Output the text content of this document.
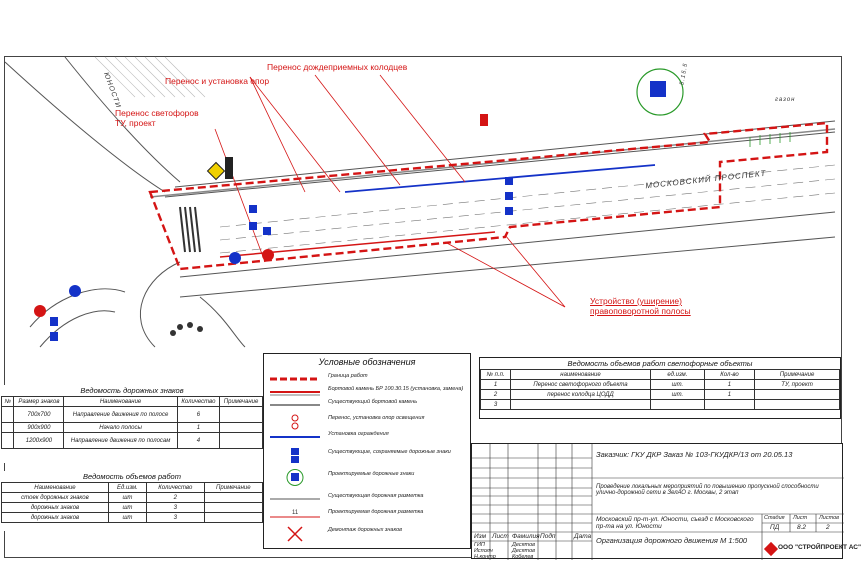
Перенос светофоров
ТУ, проект
Перенос и установка опор
Перенос дождеприемных колодцев
Устройство (уширение)
правоповоротной полосы
МОСКОВСКИЙ ПРОСПЕКТ
ЮНОСТИ	5.15.5
газон
Ведомость дорожных знаков
№	Размер знаков	Наименование	Количество	Примечание
	700х700	Направление движения по полосе	6	
	900х900	Начало полосы	1	
	1200х900	Направление движения по полосам	4	
Ведомость объемов работ
Наименование	Ед.изм.	Количество	Примечание
стоек дорожных знаков	шт	2	
дорожных знаков	шт	3	
дорожных знаков	шт	3	
Условные обозначения
Граница работ
Бортовой камень БР 100.30.15 (установка, замена)
Существующий бортовой камень
Перенос, установка опор освещения
Установка ограждения
Существующие, сохраняемые дорожные знаки
Проектируемые дорожные знаки
Существующая дорожная разметка
11	Проектируемая дорожная разметка
Демонтаж дорожных знаков
Ведомость объемов работ светофорные объекты
№ п.п.	наименование	ед.изм.	Кол-во	Примечание
1	Перенос светофорного объекта	шт.	1	ТУ, проект
2	перенос колодца ЦОДД	шт.	1	
3				
Изм Лист Фамилия Подп	Дата
ГИП	Десятов
Исполн	Десятов
Н.контр	Кобелев
Заказчик: ГКУ ДКР Заказ № 103-ГКУДКР/13 от 20.05.13
Проведение локальных мероприятий по повышению пропускной способности улично-дорожной сети в ЗелАО г. Москвы, 2 этап
Московский пр-т-ул. Юности, съезд с Московского пр-та на ул. Юности
Организация дорожного движения М 1:500
Стадия Лист Листов
ПД	8.2	2
ООО "СТРОЙПРОЕКТ АС"
